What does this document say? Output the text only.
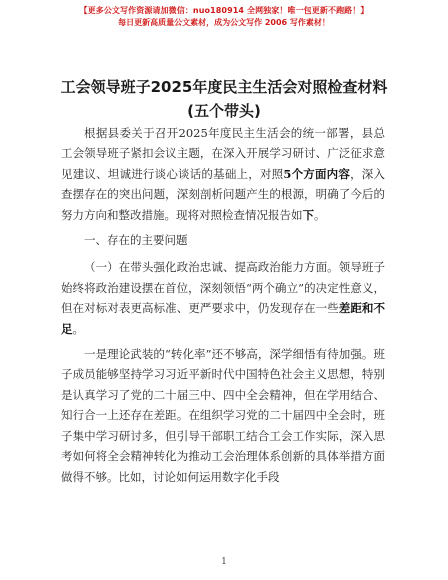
【更多公文写作资源请加微信：nuo180914 全网独家！唯一包更新不跑路！】
每日更新高质量公文素材，成为公文写作 2006 写作素材！
工会领导班子2025年度民主生活会对照检查材料(五个带头)

根据县委关于召开2025年度民主生活会的统一部署，县总工会领导班子紧扣会议主题，在深入开展学习研讨、广泛征求意见建议、坦诚进行谈心谈话的基础上，对照5个方面内容，深入查摆存在的突出问题，深刻剖析问题产生的根源，明确了今后的努力方向和整改措施。现将对照检查情况报告如下。

一、存在的主要问题

（一）在带头强化政治忠诚、提高政治能力方面。领导班子始终将政治建设摆在首位，深刻领悟“两个确立”的决定性意义，但在对标对表更高标准、更严要求中，仍发现存在一些差距和不足。

一是理论武装的“转化率”还不够高，深学细悟有待加强。班子成员能够坚持学习习近平新时代中国特色社会主义思想，特别是认真学习了党的二十届三中、四中全会精神，但在学用结合、知行合一上还存在差距。在组织学习党的二十届四中全会时，班子集中学习研讨多，但引导干部职工结合工会工作实际，深入思考如何将全会精神转化为推动工会治理体系创新的具体举措方面做得不够。比如，讨论如何运用数字化手段

1
